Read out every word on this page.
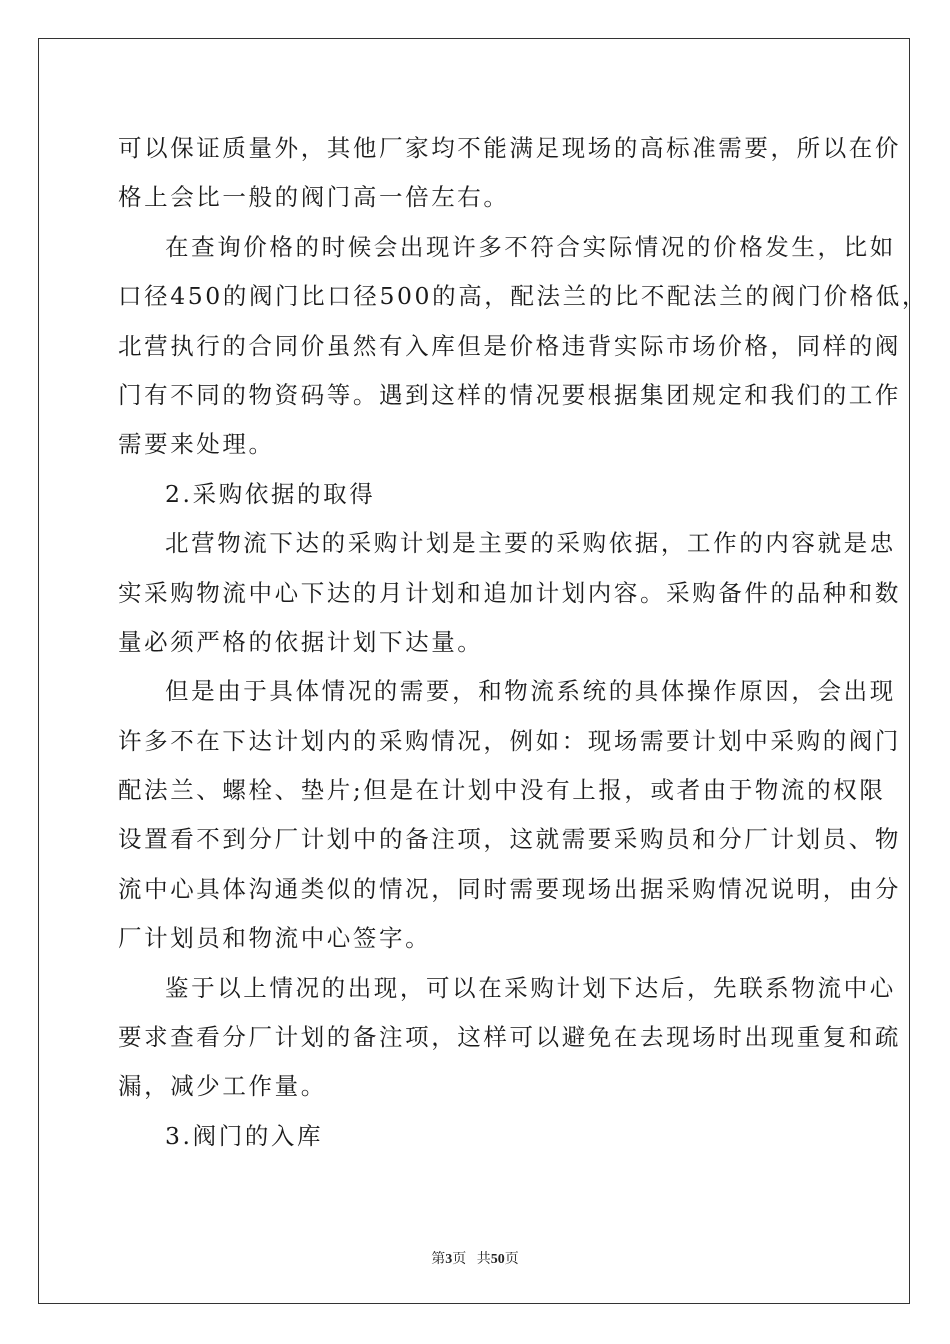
可以保证质量外，其他厂家均不能满足现场的高标准需要，所以在价
格上会比一般的阀门高一倍左右。
在查询价格的时候会出现许多不符合实际情况的价格发生，比如
口径450的阀门比口径500的高，配法兰的比不配法兰的阀门价格低，
北营执行的合同价虽然有入库但是价格违背实际市场价格，同样的阀
门有不同的物资码等。遇到这样的情况要根据集团规定和我们的工作
需要来处理。
2.采购依据的取得
北营物流下达的采购计划是主要的采购依据，工作的内容就是忠
实采购物流中心下达的月计划和追加计划内容。采购备件的品种和数
量必须严格的依据计划下达量。
但是由于具体情况的需要，和物流系统的具体操作原因，会出现
许多不在下达计划内的采购情况，例如：现场需要计划中采购的阀门
配法兰、螺栓、垫片;但是在计划中没有上报，或者由于物流的权限
设置看不到分厂计划中的备注项，这就需要采购员和分厂计划员、物
流中心具体沟通类似的情况，同时需要现场出据采购情况说明，由分
厂计划员和物流中心签字。
鉴于以上情况的出现，可以在采购计划下达后，先联系物流中心
要求查看分厂计划的备注项，这样可以避免在去现场时出现重复和疏
漏，减少工作量。
3.阀门的入库
第3页 共50页
